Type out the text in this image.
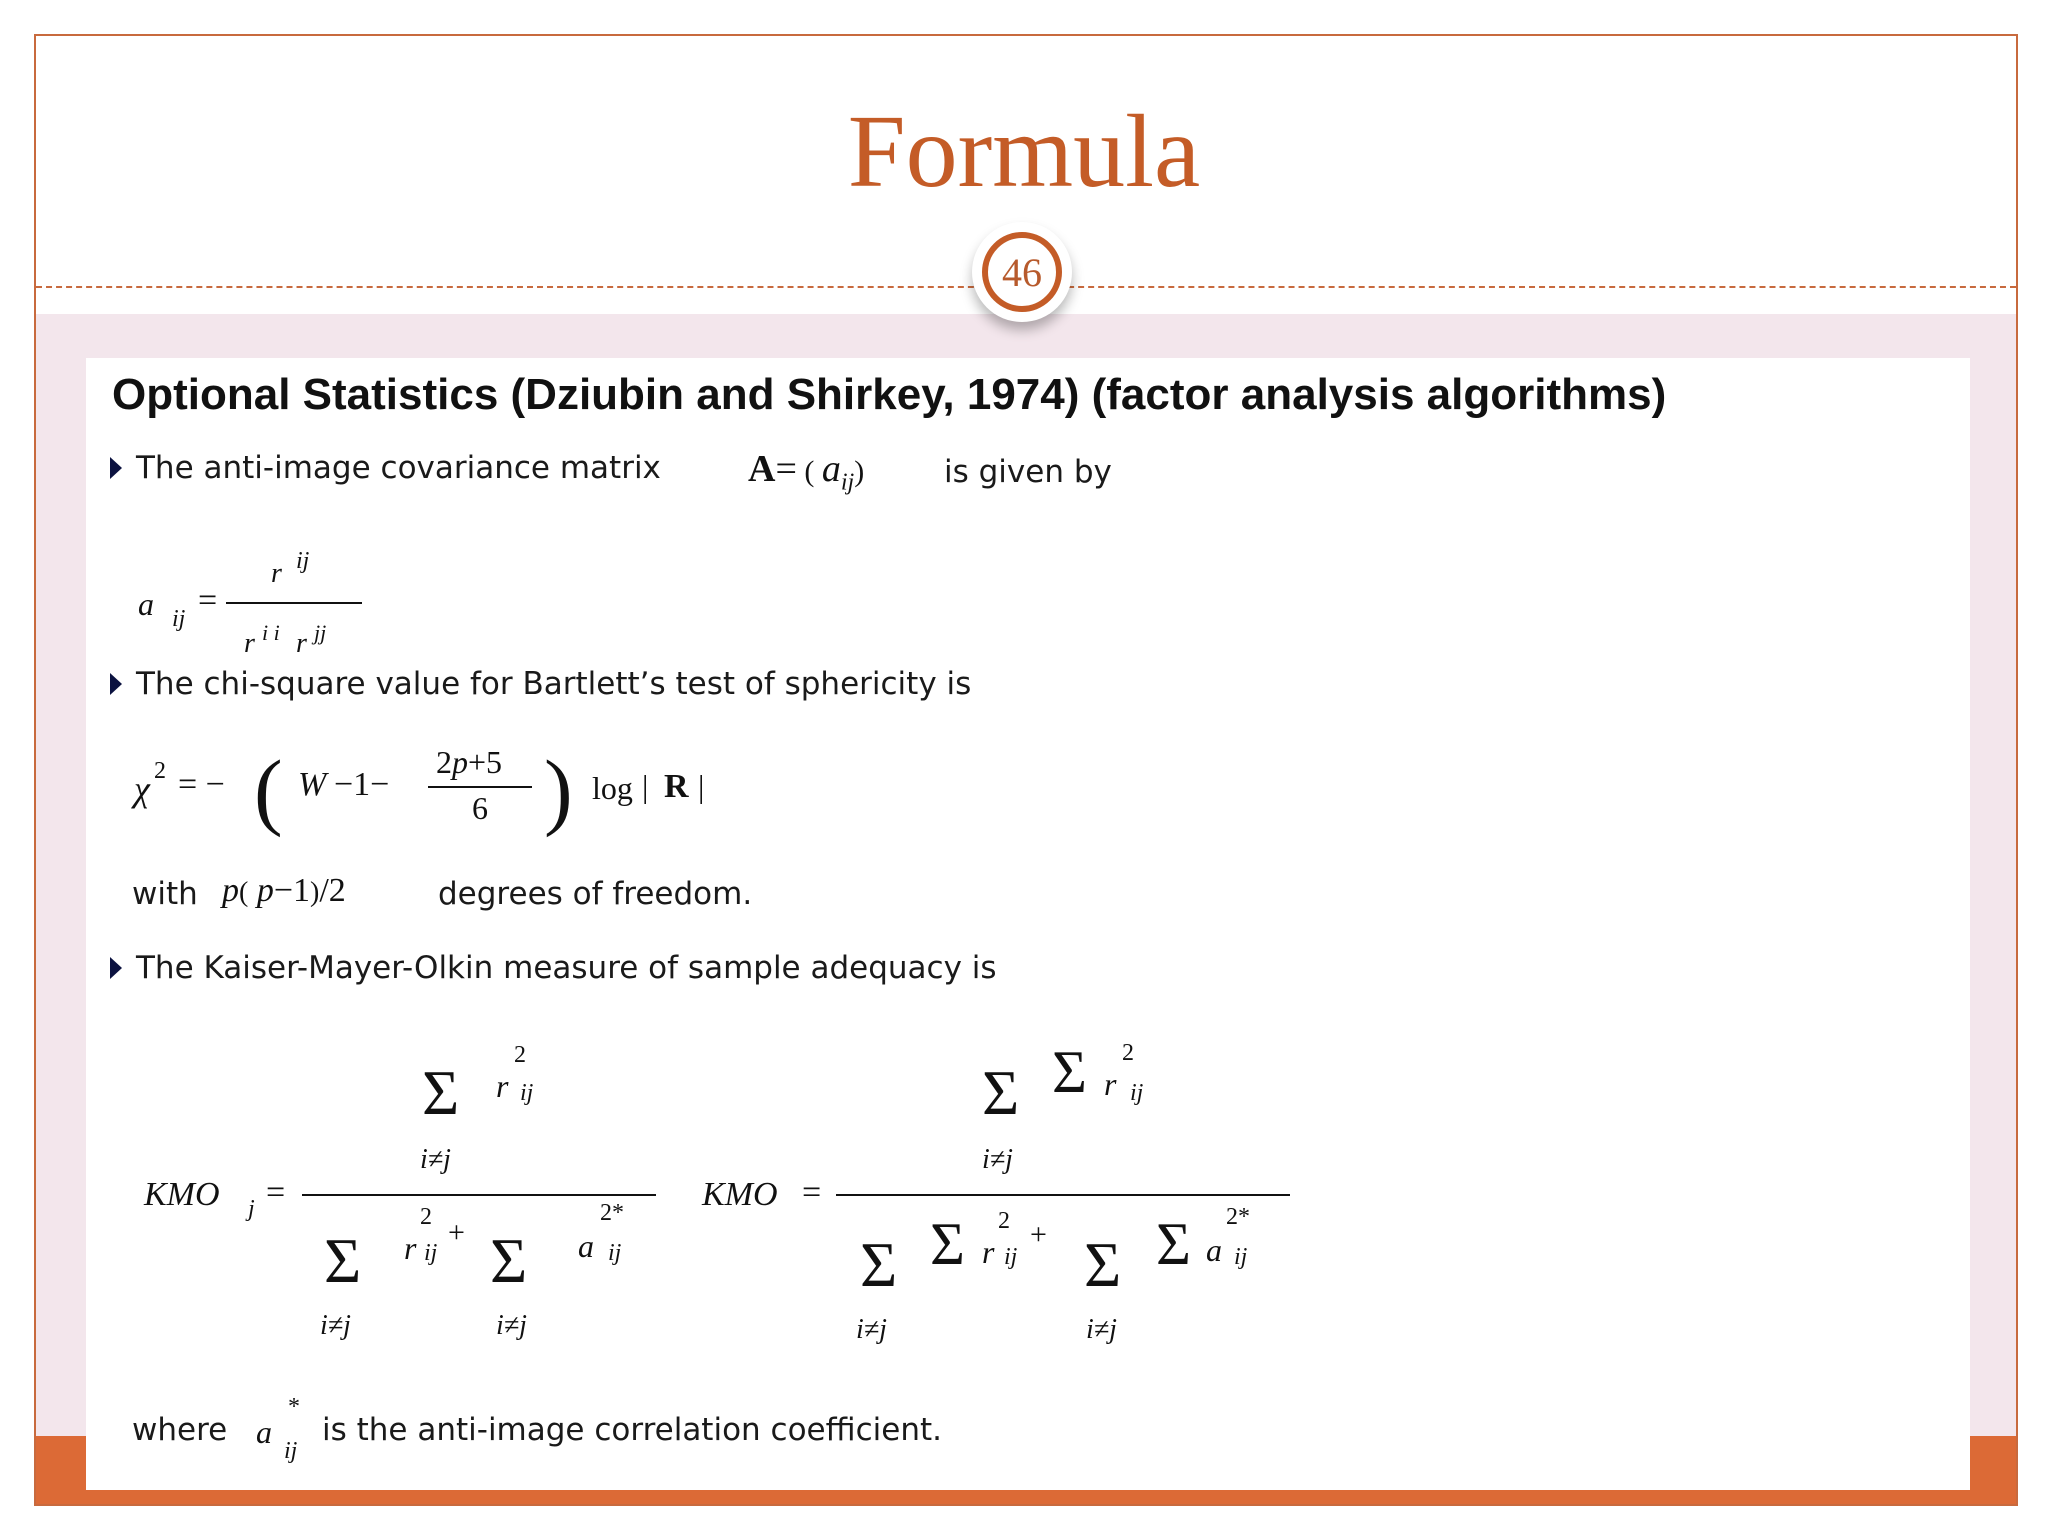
Formula
46
Optional Statistics (Dziubin and Shirkey, 1974) (factor analysis algorithms)
The anti-image covariance matrix A= ( $a_{ij}$)	is given by
a ij =
r ij
r i i r jj
The chi-square value for Bartlett’s test of sphericity is
χ 2 = − ( W −1−
2p+5
6 ) log | R |
with p( p−1)/2	degrees of freedom.
The Kaiser-Mayer-Olkin measure of sample adequacy is
Σ r
2
ij
i≠j
KMO j =
Σ r
2
ij
+ Σ a
2*
ij
i≠j	i≠j
Σ Σ r
2
ij
i≠j
KMO =
Σ Σ r
2
ij
+ Σ Σ a
2*
ij
i≠j	i≠j
where a
*
ij
is the anti-image correlation coefficient.
